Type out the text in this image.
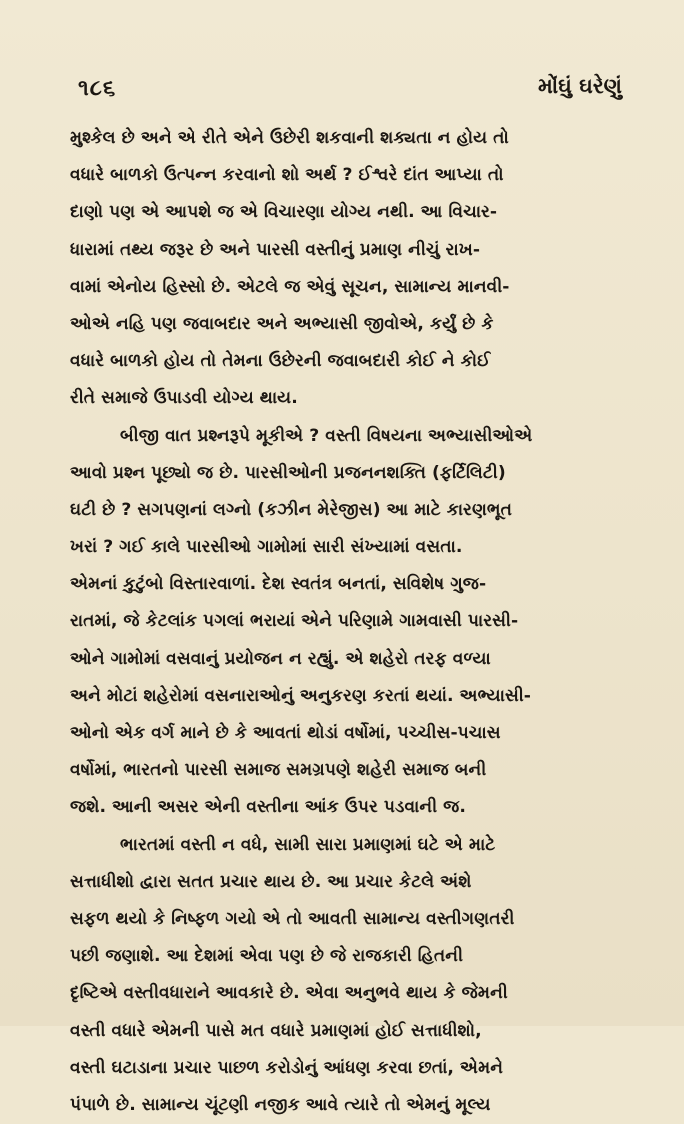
૧૮૬	મોંઘું ઘરેણું
મુશ્કેલ છે અને એ રીતે એને ઉછેરી શકવાની શક્યતા ન હોય તો
વધારે બાળકો ઉત્પન્ન કરવાનો શો અર્થ ? ઈશ્વરે દાંત આપ્યા તો
દાણો પણ એ આપશે જ એ વિચારણા યોગ્ય નથી. આ વિચાર-
ધારામાં તથ્ય જરૂર છે અને પારસી વસ્તીનું પ્રમાણ નીચું રાખ-
વામાં એનોય હિસ્સો છે. એટલે જ એવું સૂચન, સામાન્ય માનવી-
ઓએ નહિ પણ જવાબદાર અને અભ્યાસી જીવોએ, કર્યું છે કે
વધારે બાળકો હોય તો તેમના ઉછેરની જવાબદારી કોઈ ને કોઈ
રીતે સમાજે ઉપાડવી યોગ્ય થાય.
બીજી વાત પ્રશ્નરૂપે મૂકીએ ? વસ્તી વિષયના અભ્યાસીઓએ
આવો પ્રશ્ન પૂછ્યો જ છે. પારસીઓની પ્રજનનશક્તિ (ફર્ટિલિટી)
ઘટી છે ? સગપણનાં લગ્નો (કઝીન મેરેજીસ) આ માટે કારણભૂત
ખરાં ? ગઈ કાલે પારસીઓ ગામોમાં સારી સંખ્યામાં વસતા.
એમનાં કુટુંબો વિસ્તારવાળાં. દેશ સ્વતંત્ર બનતાં, સવિશેષ ગુજ-
રાતમાં, જે કેટલાંક પગલાં ભરાયાં એને પરિણામે ગામવાસી પારસી-
ઓને ગામોમાં વસવાનું પ્રયોજન ન રહ્યું. એ શહેરો તરફ વળ્યા
અને મોટાં શહેરોમાં વસનારાઓનું અનુકરણ કરતાં થયાં. અભ્યાસી-
ઓનો એક વર્ગ માને છે કે આવતાં થોડાં વર્ષોમાં, પચ્ચીસ-પચાસ
વર્ષોમાં, ભારતનો પારસી સમાજ સમગ્રપણે શહેરી સમાજ બની
જશે. આની અસર એની વસ્તીના આંક ઉપર પડવાની જ.
ભારતમાં વસ્તી ન વધે, સામી સારા પ્રમાણમાં ઘટે એ માટે
સત્તાધીશો દ્વારા સતત પ્રચાર થાય છે. આ પ્રચાર કેટલે અંશે
સફળ થયો કે નિષ્ફળ ગયો એ તો આવતી સામાન્ય વસ્તીગણતરી
પછી જણાશે. આ દેશમાં એવા પણ છે જે રાજકારી હિતની
દૃષ્ટિએ વસ્તીવધારાને આવકારે છે. એવા અનુભવે થાય કે જેમની
વસ્તી વધારે એમની પાસે મત વધારે પ્રમાણમાં હોઈ સત્તાધીશો,
વસ્તી ઘટાડાના પ્રચાર પાછળ કરોડોનું આંધણ કરવા છતાં, એમને
પંપાળે છે. સામાન્ય ચૂંટણી નજીક આવે ત્યારે તો એમનું મૂલ્ય
